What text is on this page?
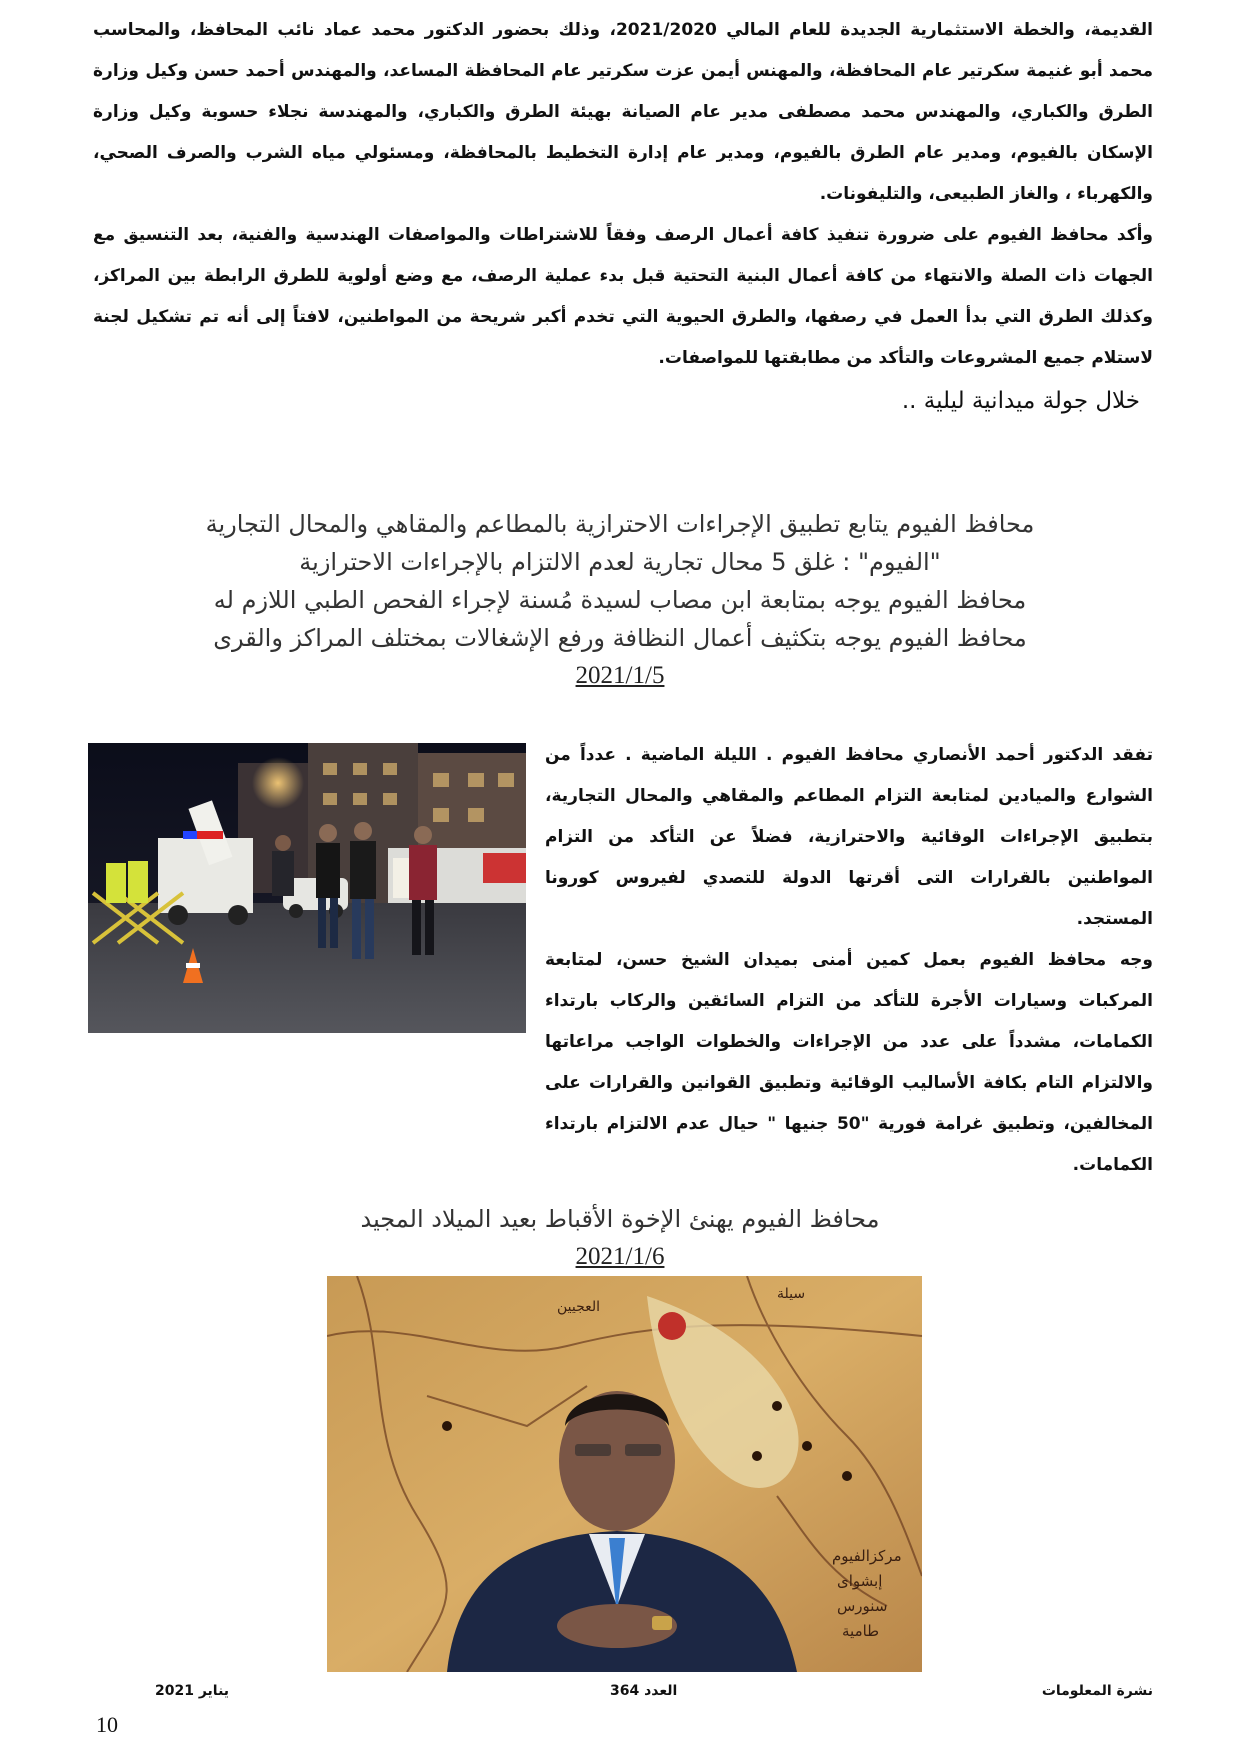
القديمة، والخطة الاستثمارية الجديدة للعام المالي 2021/2020، وذلك بحضور الدكتور محمد عماد نائب المحافظ، والمحاسب محمد أبو غنيمة سكرتير عام المحافظة، والمهنس أيمن عزت سكرتير عام المحافظة المساعد، والمهندس أحمد حسن وكيل وزارة الطرق والكباري، والمهندس محمد مصطفى مدير عام الصيانة بهيئة الطرق والكباري، والمهندسة نجلاء حسوبة وكيل وزارة الإسكان بالفيوم، ومدير عام الطرق بالفيوم، ومدير عام إدارة التخطيط بالمحافظة، ومسئولي مياه الشرب والصرف الصحي، والكهرباء ، والغاز الطبيعى، والتليفونات.

وأكد محافظ الفيوم على ضرورة تنفيذ كافة أعمال الرصف وفقاً للاشتراطات والمواصفات الهندسية والفنية، بعد التنسيق مع الجهات ذات الصلة والانتهاء من كافة أعمال البنية التحتية قبل بدء عملية الرصف، مع وضع أولوية للطرق الرابطة بين المراكز، وكذلك الطرق التي بدأ العمل في رصفها، والطرق الحيوية التي تخدم أكبر شريحة من المواطنين، لافتاً إلى أنه تم تشكيل لجنة لاستلام جميع المشروعات والتأكد من مطابقتها للمواصفات.

خلال جولة ميدانية ليلية ..
محافظ الفيوم يتابع تطبيق الإجراءات الاحترازية بالمطاعم والمقاهي والمحال التجارية
"الفيوم" : غلق 5 محال تجارية لعدم الالتزام بالإجراءات الاحترازية
محافظ الفيوم يوجه بمتابعة ابن مصاب لسيدة مُسنة لإجراء الفحص الطبي اللازم له
محافظ الفيوم يوجه بتكثيف أعمال النظافة ورفع الإشغالات بمختلف المراكز والقرى
2021/1/5

تفقد الدكتور أحمد الأنصاري محافظ الفيوم . الليلة الماضية . عدداً من الشوارع والميادين لمتابعة التزام المطاعم والمقاهي والمحال التجارية، بتطبيق الإجراءات الوقائية والاحترازية، فضلاً عن التأكد من التزام المواطنين بالقرارات التى أقرتها الدولة للتصدي لفيروس كورونا المستجد.

وجه محافظ الفيوم بعمل كمين أمنى بميدان الشيخ حسن، لمتابعة المركبات وسيارات الأجرة للتأكد من التزام السائقين والركاب بارتداء الكمامات، مشدداً على عدد من الإجراءات والخطوات الواجب مراعاتها والالتزام التام بكافة الأساليب الوقائية وتطبيق القوانين والقرارات على المخالفين، وتطبيق غرامة فورية "50 جنيها " حيال عدم الالتزام بارتداء الكمامات.

محافظ الفيوم يهنئ الإخوة الأقباط بعيد الميلاد المجيد
2021/1/6
سيلة
العجيين
مركزالفيوم
إبشواى
سنورس
طامية
نشرة المعلومات
العدد 364
يناير 2021
10
